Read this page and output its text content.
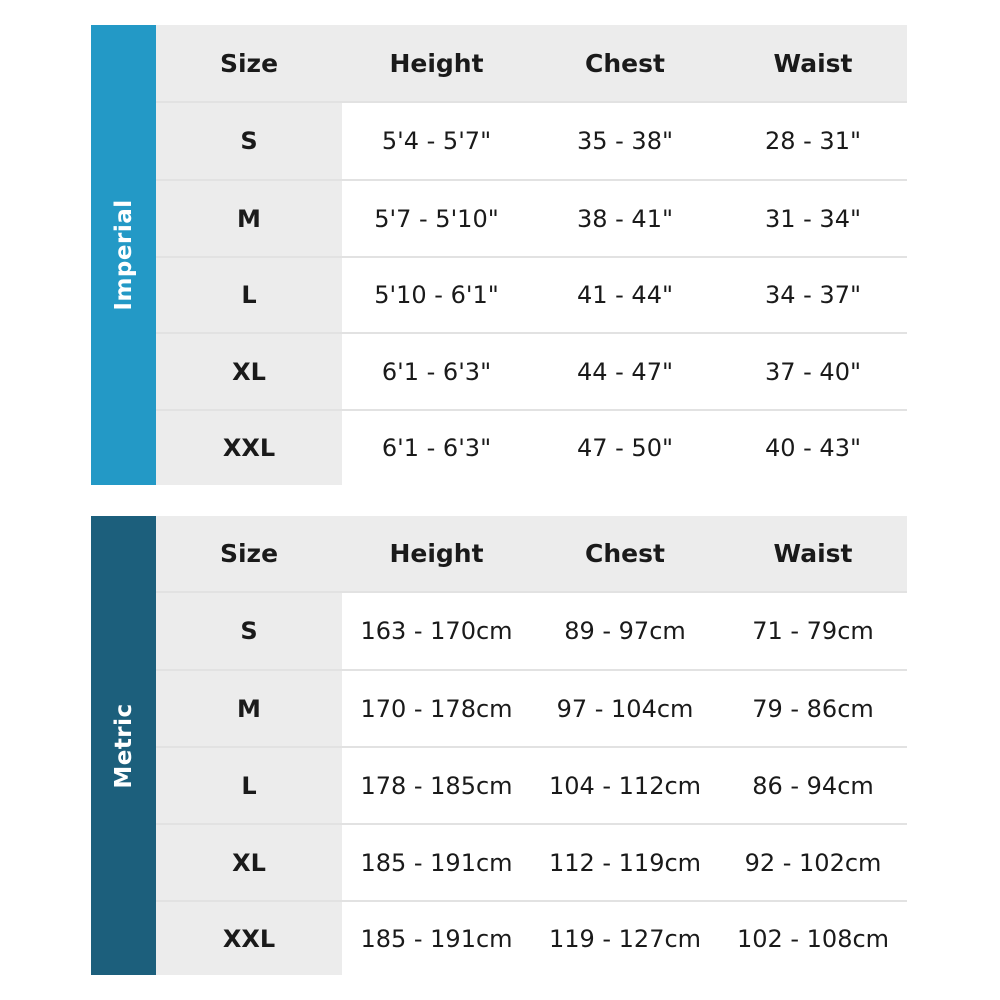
Imperial
Size	Height	Chest	Waist
S	5'4 - 5'7"	35 - 38"	28 - 31"
M	5'7 - 5'10"	38 - 41"	31 - 34"
L	5'10 - 6'1"	41 - 44"	34 - 37"
XL	6'1 - 6'3"	44 - 47"	37 - 40"
XXL	6'1 - 6'3"	47 - 50"	40 - 43"
Metric
Size	Height	Chest	Waist
S	163 - 170cm	89 - 97cm	71 - 79cm
M	170 - 178cm	97 - 104cm	79 - 86cm
L	178 - 185cm	104 - 112cm	86 - 94cm
XL	185 - 191cm	112 - 119cm	92 - 102cm
XXL	185 - 191cm	119 - 127cm	102 - 108cm
